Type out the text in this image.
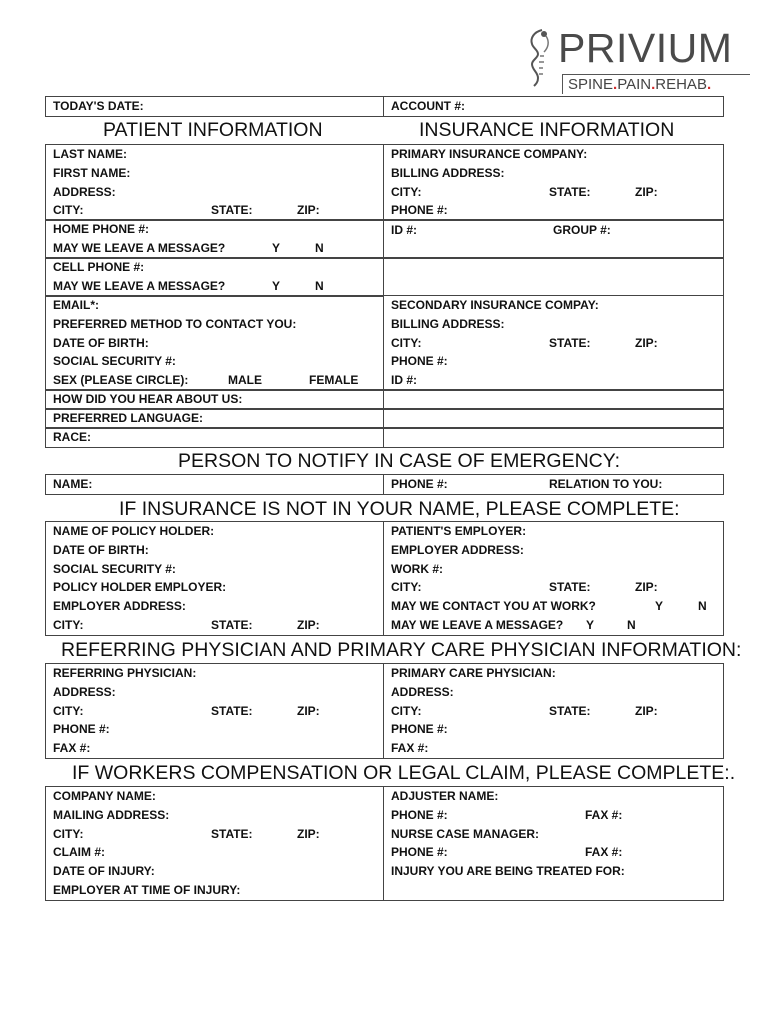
PRIVIUM
SPINE.PAIN.REHAB.
TODAY'S DATE:	ACCOUNT #:
PATIENT INFORMATION	INSURANCE INFORMATION
LAST NAME:
FIRST NAME:
ADDRESS:
CITY:	STATE:	ZIP:
PRIMARY INSURANCE COMPANY:
BILLING ADDRESS:
CITY:	STATE:	ZIP:
PHONE #:
HOME PHONE #:
MAY WE LEAVE A MESSAGE?	Y	N
ID #:	GROUP #:
CELL PHONE #:
MAY WE LEAVE A MESSAGE?	Y	N
EMAIL*:
PREFERRED METHOD TO CONTACT YOU:
DATE OF BIRTH:
SOCIAL SECURITY #:
SEX (PLEASE CIRCLE):	MALE	FEMALE
SECONDARY INSURANCE COMPAY:
BILLING ADDRESS:
CITY:	STATE:	ZIP:
PHONE #:
ID #:
HOW DID YOU HEAR ABOUT US:
PREFERRED LANGUAGE:
RACE:
PERSON TO NOTIFY IN CASE OF EMERGENCY:
NAME:	PHONE #:	RELATION TO YOU:
IF INSURANCE IS NOT IN YOUR NAME, PLEASE COMPLETE:
NAME OF POLICY HOLDER:
DATE OF BIRTH:
SOCIAL SECURITY #:
POLICY HOLDER EMPLOYER:
EMPLOYER ADDRESS:
CITY:	STATE:	ZIP:
PATIENT'S EMPLOYER:
EMPLOYER ADDRESS:
WORK #:
CITY:	STATE:	ZIP:
MAY WE CONTACT YOU AT WORK?	Y	N
MAY WE LEAVE A MESSAGE? Y	N
REFERRING PHYSICIAN AND PRIMARY CARE PHYSICIAN INFORMATION:
REFERRING PHYSICIAN:
ADDRESS:
CITY:	STATE:	ZIP:
PHONE #:
FAX #:
PRIMARY CARE PHYSICIAN:
ADDRESS:
CITY:	STATE:	ZIP:
PHONE #:
FAX #:
IF WORKERS COMPENSATION OR LEGAL CLAIM, PLEASE COMPLETE:.
COMPANY NAME:
MAILING ADDRESS:
CITY:	STATE:	ZIP:
CLAIM #:
DATE OF INJURY:
EMPLOYER AT TIME OF INJURY:
ADJUSTER NAME:
PHONE #:	FAX #:
NURSE CASE MANAGER:
PHONE #:	FAX #:
INJURY YOU ARE BEING TREATED FOR:
